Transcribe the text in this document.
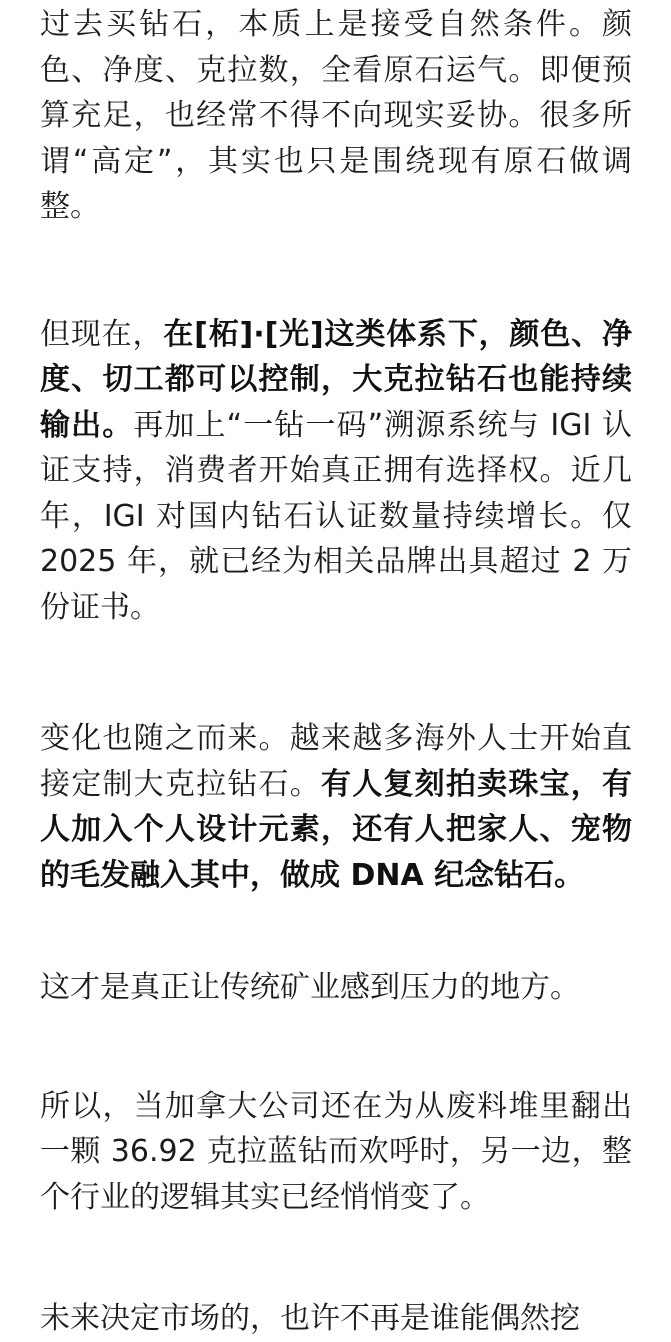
过去买钻石，本质上是接受自然条件。颜色、净度、克拉数，全看原石运气。即便预算充足，也经常不得不向现实妥协。很多所谓“高定”，其实也只是围绕现有原石做调整。

但现在，在[柘]·[光]这类体系下，颜色、净度、切工都可以控制，大克拉钻石也能持续输出。再加上“一钻一码”溯源系统与 IGI 认证支持，消费者开始真正拥有选择权。近几年，IGI 对国内钻石认证数量持续增长。仅 2025 年，就已经为相关品牌出具超过 2 万份证书。

变化也随之而来。越来越多海外人士开始直接定制大克拉钻石。有人复刻拍卖珠宝，有人加入个人设计元素，还有人把家人、宠物的毛发融入其中，做成 DNA 纪念钻石。

这才是真正让传统矿业感到压力的地方。

所以，当加拿大公司还在为从废料堆里翻出一颗 36.92 克拉蓝钻而欢呼时，另一边，整个行业的逻辑其实已经悄悄变了。

未来决定市场的，也许不再是谁能偶然挖
